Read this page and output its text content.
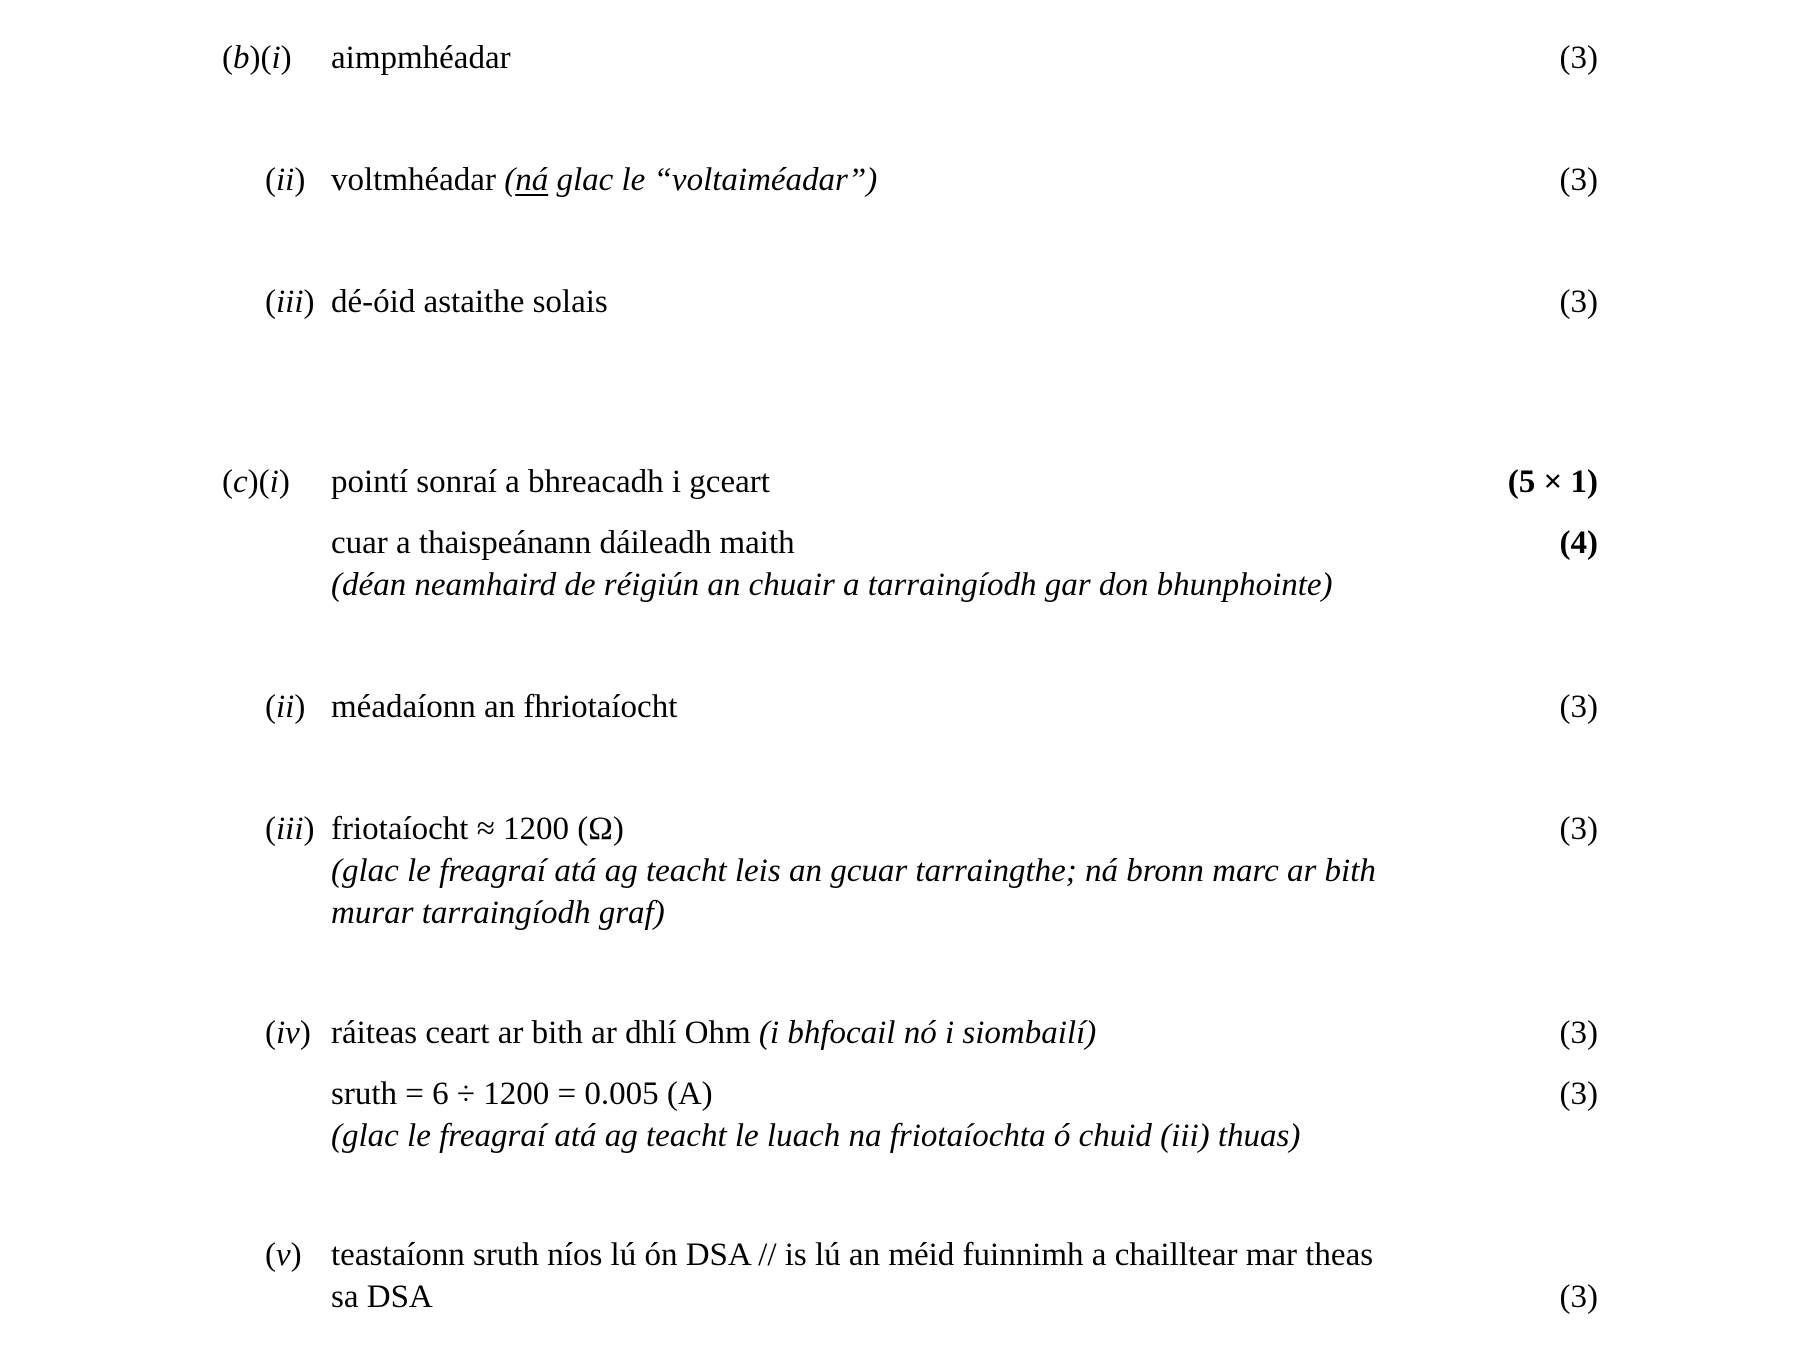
(b)(i) aimpmhéadar	(3)
(ii) voltmhéadar (ná glac le “voltaiméadar”)	(3)
(iii) dé-óid astaithe solais	(3)
(c)(i) pointí sonraí a bhreacadh i gceart	(5 × 1)
cuar a thaispeánann dáileadh maith	(4)
(déan neamhaird de réigiún an chuair a tarraingíodh gar don bhunphointe)
(ii) méadaíonn an fhriotaíocht	(3)
(iii) friotaíocht ≈ 1200 (Ω)	(3)
(glac le freagraí atá ag teacht leis an gcuar tarraingthe; ná bronn marc ar bith
murar tarraingíodh graf)
(iv) ráiteas ceart ar bith ar dhlí Ohm (i bhfocail nó i siombailí)	(3)
sruth = 6 ÷ 1200 = 0.005 (A)	(3)
(glac le freagraí atá ag teacht le luach na friotaíochta ó chuid (iii) thuas)
(v) teastaíonn sruth níos lú ón DSA // is lú an méid fuinnimh a chailltear mar theas
sa DSA	(3)
